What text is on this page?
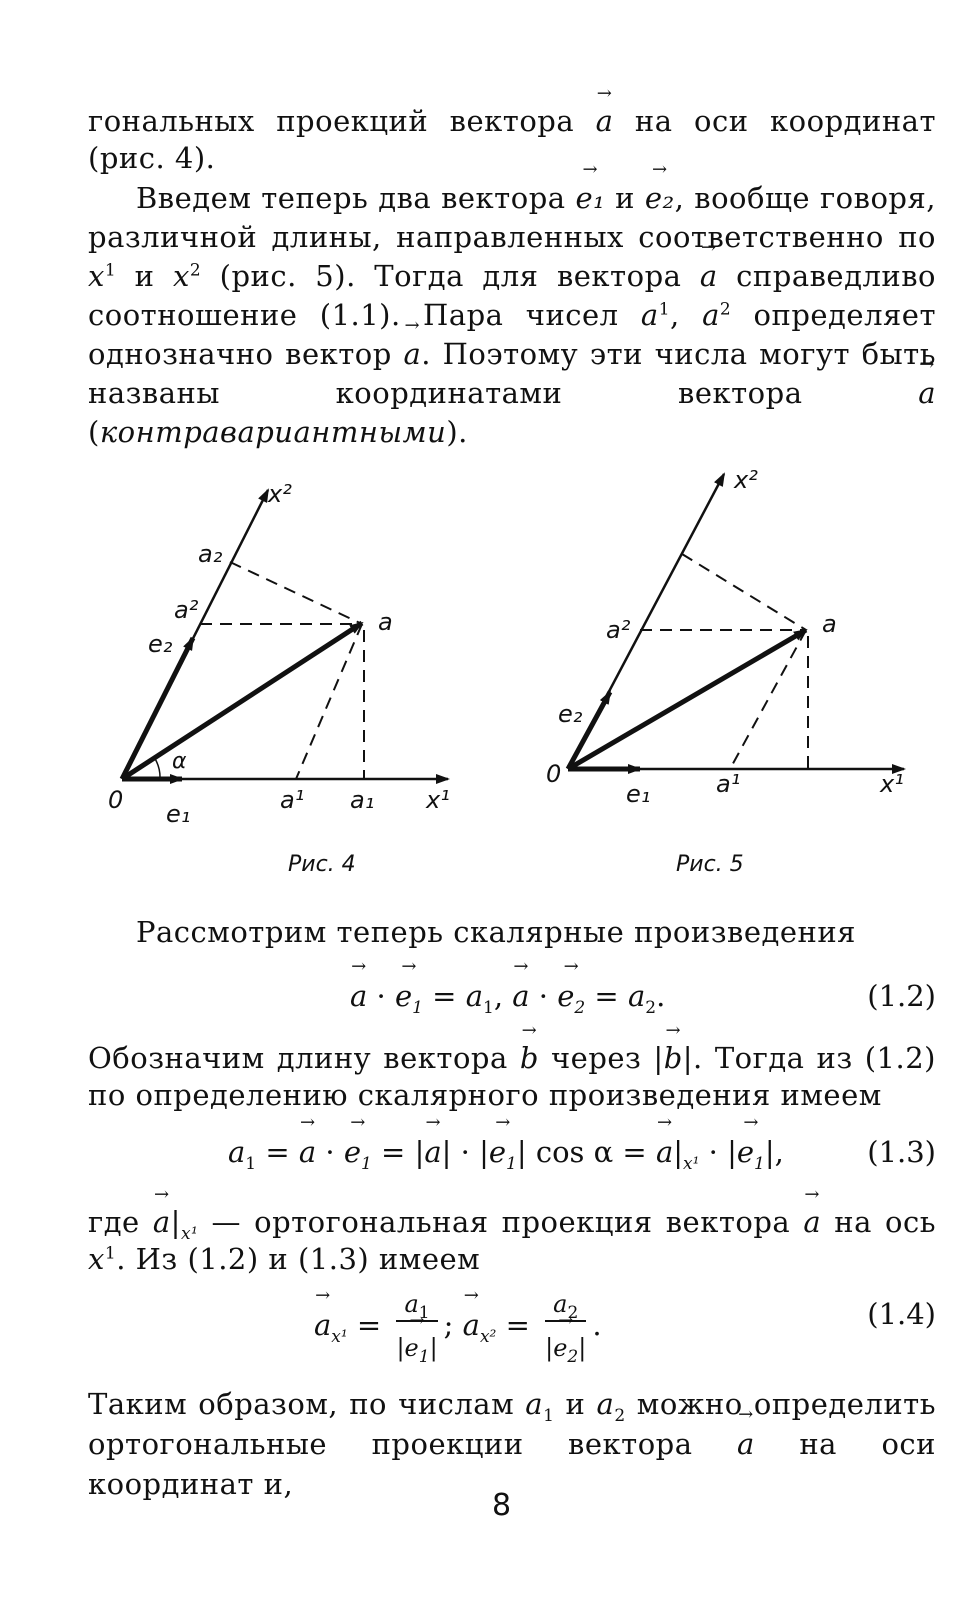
гональных проекций вектора → a на оси координат (рис. 4).

Введем теперь два вектора → e₁ и → e₂, вообще говоря, различной длины, направленных соответственно по $x^1$ и $x^2$ (рис. 5). Тогда для вектора → a справедливо соотношение (1.1). Пара чисел $a^1$, $a^2$ определяет однозначно вектор → a. Поэтому эти числа могут быть названы координатами вектора → a (контравариантными).

x²
a₂
a²
e₂
a
α
0 e₁	a¹ a₁ x¹
Рис. 4
x²
a²	a
e₂
0
e₁	a¹	x¹
Рис. 5

Рассмотрим теперь скалярные произведения

→ a · → $e_1 = a_1$, → a · → $e_2 = a_2$.	(1.2)

Обозначим длину вектора → b через |→ b|. Тогда из (1.2) по определению скалярного произведения имеем

$a_1$ = → a · → $e_1$ = |→ a| · |→ $e_1|$ cos α = → $a|_{x^1}$ · |→ $e_1|$,	(1.3)

где → $a|_{x^1}$ — ортогональная проекция вектора → a на ось $x^1$. Из (1.2) и (1.3) имеем

→ $a_{x^1} = \frac{a_1}{|\to e_1|}$ ; → $a_{x^2} = \frac{a_2}{|\to e_2|}$ .	(1.4)

Таким образом, по числам $a_1$ и $a_2$ можно определить ортогональные проекции вектора → a на оси координат и,

8
